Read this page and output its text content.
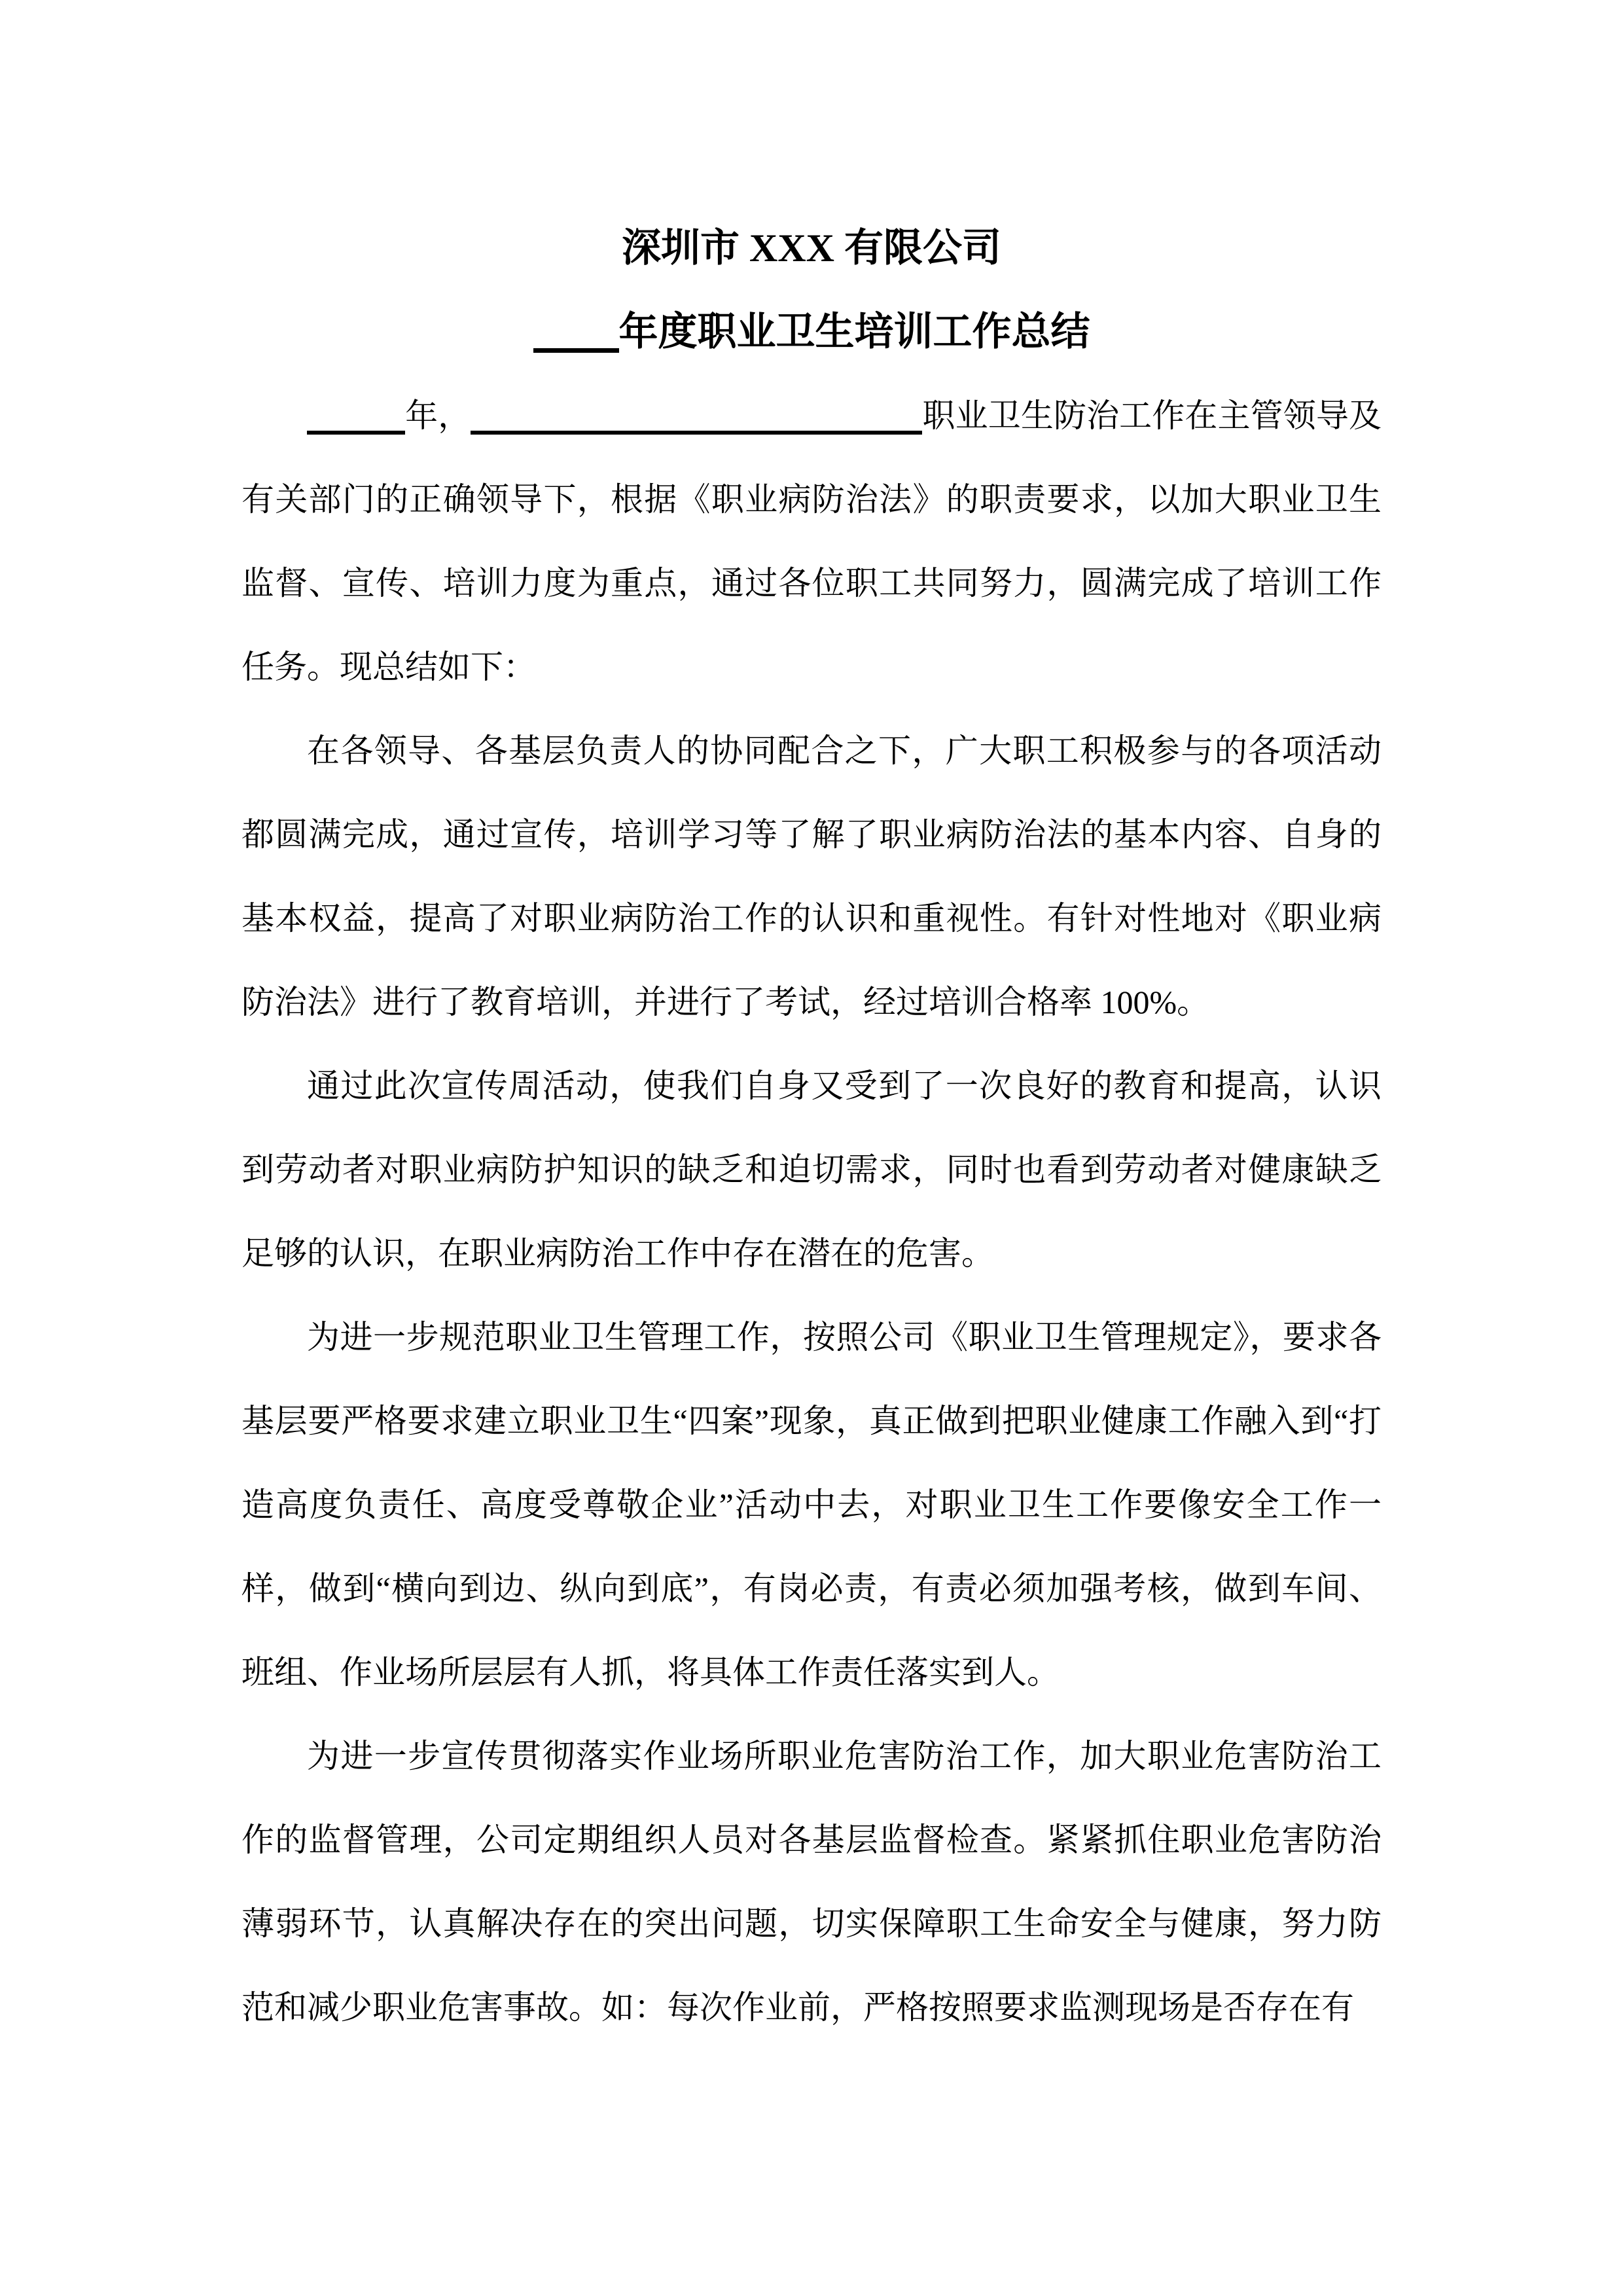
深圳市 XXX 有限公司
年度职业卫生培训工作总结

年，	职业卫生防治工作在主管领导及有关部门的正确领导下，根据《职业病防治法》的职责要求，以加大职业卫生监督、宣传、培训力度为重点，通过各位职工共同努力，圆满完成了培训工作任务。现总结如下：

在各领导、各基层负责人的协同配合之下，广大职工积极参与的各项活动都圆满完成，通过宣传，培训学习等了解了职业病防治法的基本内容、自身的基本权益，提高了对职业病防治工作的认识和重视性。有针对性地对《职业病防治法》进行了教育培训，并进行了考试，经过培训合格率 100%。

通过此次宣传周活动，使我们自身又受到了一次良好的教育和提高，认识到劳动者对职业病防护知识的缺乏和迫切需求，同时也看到劳动者对健康缺乏足够的认识，在职业病防治工作中存在潜在的危害。

为进一步规范职业卫生管理工作，按照公司《职业卫生管理规定》，要求各基层要严格要求建立职业卫生“四案”现象，真正做到把职业健康工作融入到“打造高度负责任、高度受尊敬企业”活动中去，对职业卫生工作要像安全工作一样，做到“横向到边、纵向到底”，有岗必责，有责必须加强考核，做到车间、班组、作业场所层层有人抓，将具体工作责任落实到人。

为进一步宣传贯彻落实作业场所职业危害防治工作，加大职业危害防治工作的监督管理，公司定期组织人员对各基层监督检查。紧紧抓住职业危害防治薄弱环节，认真解决存在的突出问题，切实保障职工生命安全与健康，努力防范和减少职业危害事故。如：每次作业前，严格按照要求监测现场是否存在有
